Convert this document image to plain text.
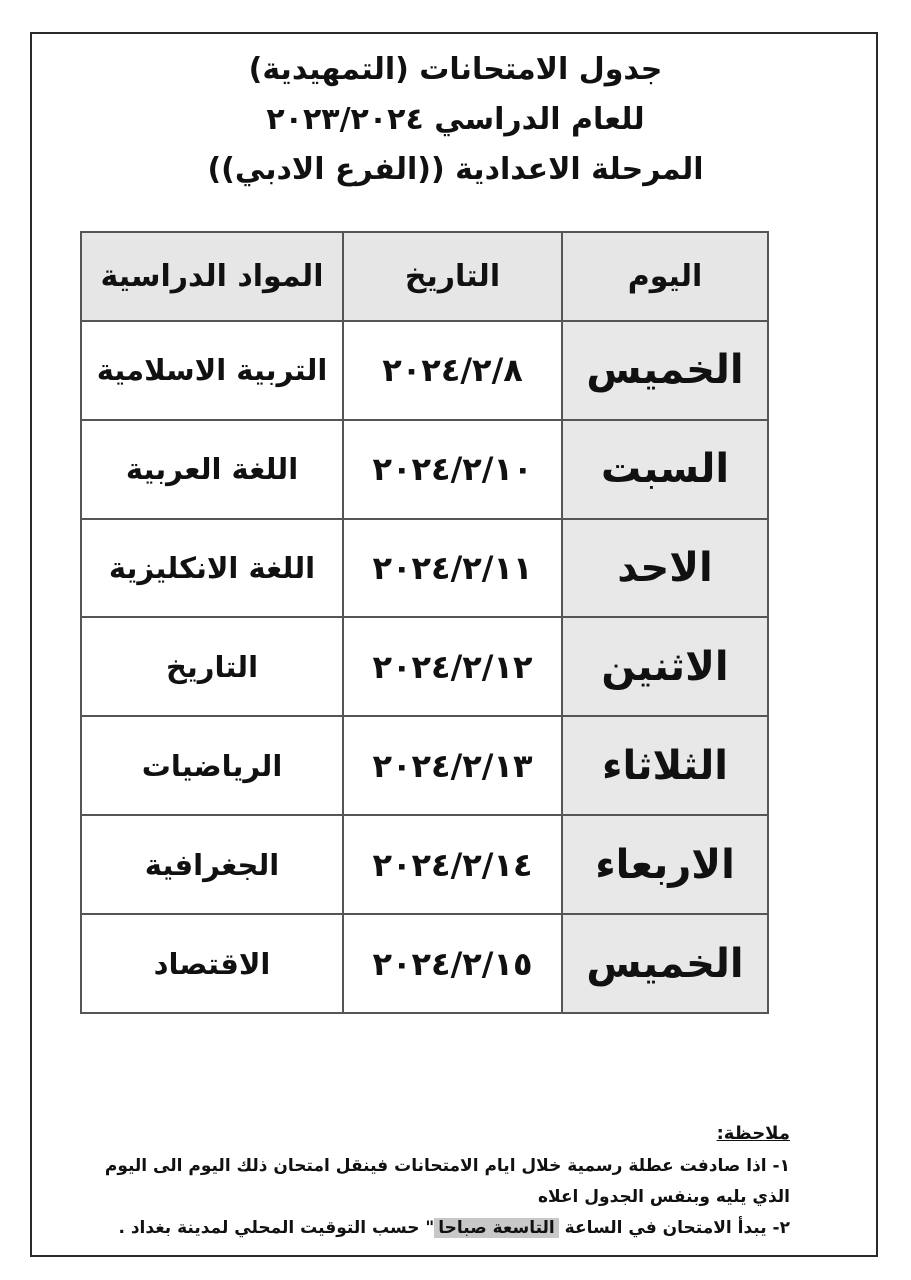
جدول الامتحانات (التمهيدية)
للعام الدراسي ٢٠٢٣/٢٠٢٤
المرحلة الاعدادية ((الفرع الادبي))
اليوم	التاريخ	المواد الدراسية
الخميس	٢٠٢٤/٢/٨	التربية الاسلامية
السبت	٢٠٢٤/٢/١٠	اللغة العربية
الاحد	٢٠٢٤/٢/١١	اللغة الانكليزية
الاثنين	٢٠٢٤/٢/١٢	التاريخ
الثلاثاء	٢٠٢٤/٢/١٣	الرياضيات
الاربعاء	٢٠٢٤/٢/١٤	الجغرافية
الخميس	٢٠٢٤/٢/١٥	الاقتصاد
ملاحظة:
١- اذا صادفت عطلة رسمية خلال ايام الامتحانات فينقل امتحان ذلك اليوم الى اليوم
الذي يليه وبنفس الجدول اعلاه
٢- يبدأ الامتحان في الساعة التاسعة صباحا" حسب التوقيت المحلي لمدينة بغداد .
